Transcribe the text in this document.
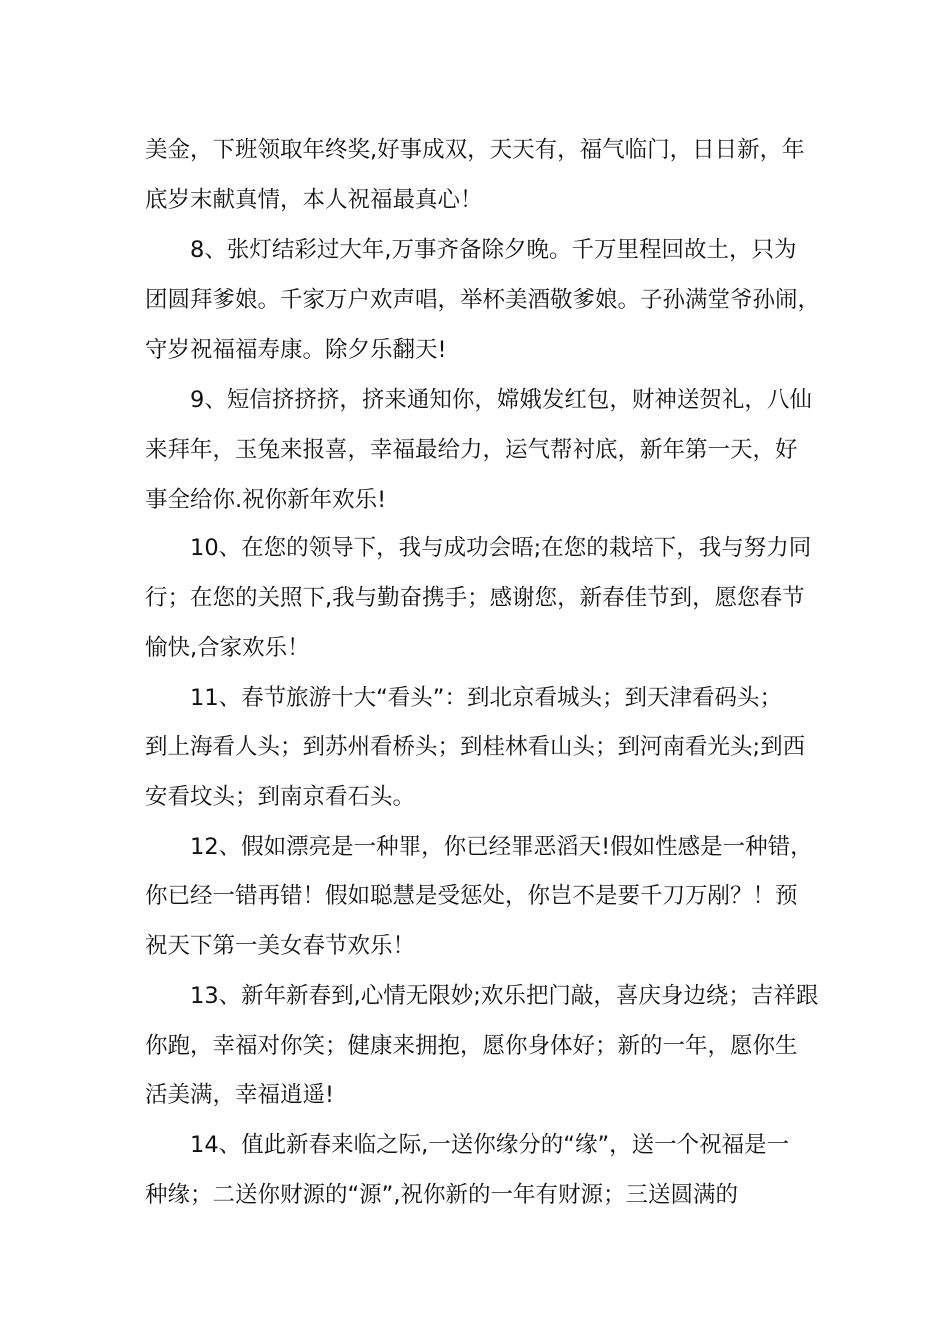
美金，下班领取年终奖,好事成双，天天有，福气临门，日日新，年
底岁末献真情，本人祝福最真心！
8、张灯结彩过大年,万事齐备除夕晚。千万里程回故土，只为
团圆拜爹娘。千家万户欢声唱，举杯美酒敬爹娘。子孙满堂爷孙闹，
守岁祝福福寿康。除夕乐翻天!
9、短信挤挤挤，挤来通知你，嫦娥发红包，财神送贺礼，八仙
来拜年，玉兔来报喜，幸福最给力，运气帮衬底，新年第一天，好
事全给你.祝你新年欢乐!
10、在您的领导下，我与成功会晤;在您的栽培下，我与努力同
行；在您的关照下,我与勤奋携手；感谢您，新春佳节到，愿您春节
愉快,合家欢乐！
11、春节旅游十大“看头”：到北京看城头；到天津看码头；
到上海看人头；到苏州看桥头；到桂林看山头；到河南看光头;到西
安看坟头；到南京看石头。
12、假如漂亮是一种罪，你已经罪恶滔天!假如性感是一种错，
你已经一错再错！假如聪慧是受惩处，你岂不是要千刀万剐？！预
祝天下第一美女春节欢乐！
13、新年新春到,心情无限妙;欢乐把门敲，喜庆身边绕；吉祥跟
你跑，幸福对你笑；健康来拥抱，愿你身体好；新的一年，愿你生
活美满，幸福逍遥!
14、值此新春来临之际,一送你缘分的“缘”，送一个祝福是一
种缘；二送你财源的“源”,祝你新的一年有财源；三送圆满的
